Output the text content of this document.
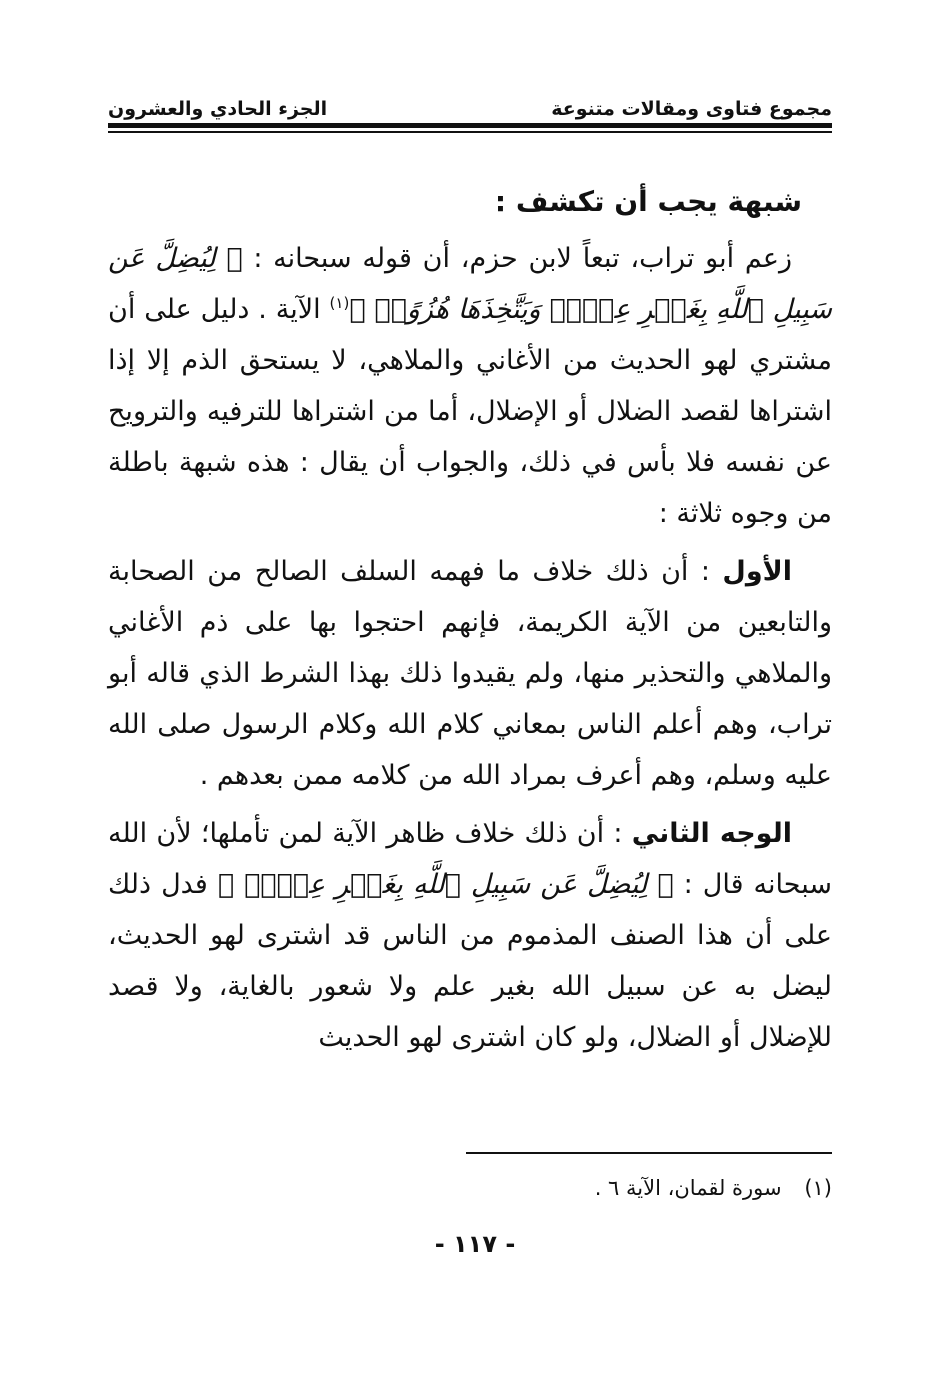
مجموع فتاوى ومقالات متنوعة
الجزء الحادي والعشرون
شبهة يجب أن تكشف :

زعم أبو تراب، تبعاً لابن حزم، أن قوله سبحانه : ﴿ لِيُضِلَّ عَن سَبِيلِ ٱللَّهِ بِغَيۡرِ عِلۡمٖ وَيَتَّخِذَهَا هُزُوًاۚ ﴾$^{(١)}$ الآية . دليل على أن مشتري لهو الحديث من الأغاني والملاهي، لا يستحق الذم إلا إذا اشتراها لقصد الضلال أو الإضلال، أما من اشتراها للترفيه والترويح عن نفسه فلا بأس في ذلك، والجواب أن يقال : هذه شبهة باطلة من وجوه ثلاثة :

الأول : أن ذلك خلاف ما فهمه السلف الصالح من الصحابة والتابعين من الآية الكريمة، فإنهم احتجوا بها على ذم الأغاني والملاهي والتحذير منها، ولم يقيدوا ذلك بهذا الشرط الذي قاله أبو تراب، وهم أعلم الناس بمعاني كلام الله وكلام الرسول صلى الله عليه وسلم، وهم أعرف بمراد الله من كلامه ممن بعدهم .

الوجه الثاني : أن ذلك خلاف ظاهر الآية لمن تأملها؛ لأن الله سبحانه قال : ﴿ لِيُضِلَّ عَن سَبِيلِ ٱللَّهِ بِغَيۡرِ عِلۡمٖ ﴾ فدل ذلك على أن هذا الصنف المذموم من الناس قد اشترى لهو الحديث، ليضل به عن سبيل الله بغير علم ولا شعور بالغاية، ولا قصد للإضلال أو الضلال، ولو كان اشترى لهو الحديث

(١) سورة لقمان، الآية ٦ .
- ١١٧ -
